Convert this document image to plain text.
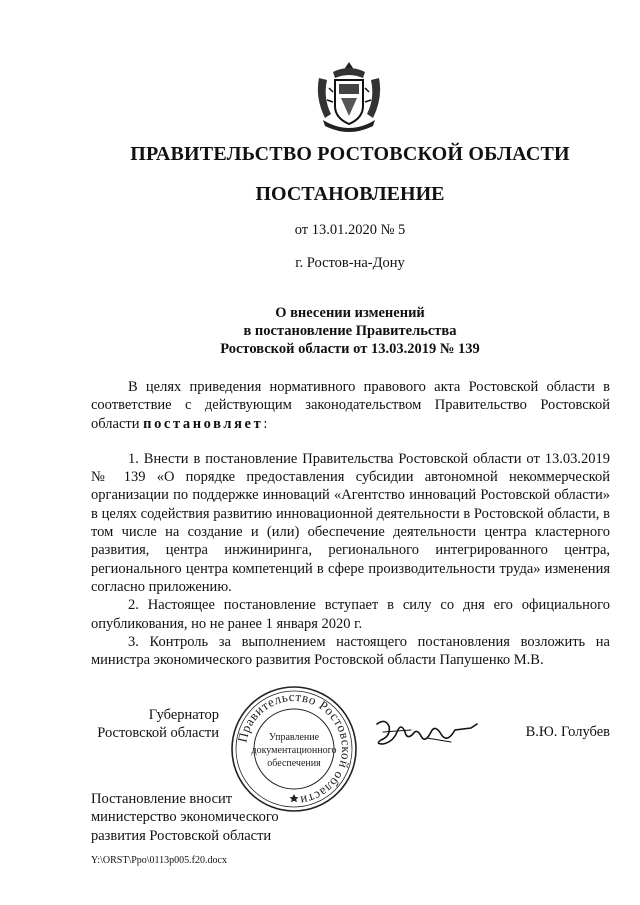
ПРАВИТЕЛЬСТВО РОСТОВСКОЙ ОБЛАСТИ
ПОСТАНОВЛЕНИЕ
от 13.01.2020 № 5
г. Ростов-на-Дону
О внесении изменений
в постановление Правительства
Ростовской области от 13.03.2019 № 139

В целях приведения нормативного правового акта Ростовской области в соответствие с действующим законодательством Правительство Ростовской области постановляет:

1. Внести в постановление Правительства Ростовской области от 13.03.2019 № 139 «О порядке предоставления субсидии автономной некоммерческой организации по поддержке инноваций «Агентство инноваций Ростовской области» в целях содействия развитию инновационной деятельности в Ростовской области, в том числе на создание и (или) обеспечение деятельности центра кластерного развития, центра инжиниринга, регионального интегрированного центра, регионального центра компетенций в сфере производительности труда» изменения согласно приложению.

2. Настоящее постановление вступает в силу со дня его официального опубликования, но не ранее 1 января 2020 г.

3. Контроль за выполнением настоящего постановления возложить на министра экономического развития Ростовской области Папушенко М.В.

Губернатор
Ростовской области Правительство Ростовской области
Управление
документационного
обеспечения
В.Ю. Голубев
Постановление вносит
министерство экономического
развития Ростовской области
Y:\ORST\Ppo\0113p005.f20.docx
